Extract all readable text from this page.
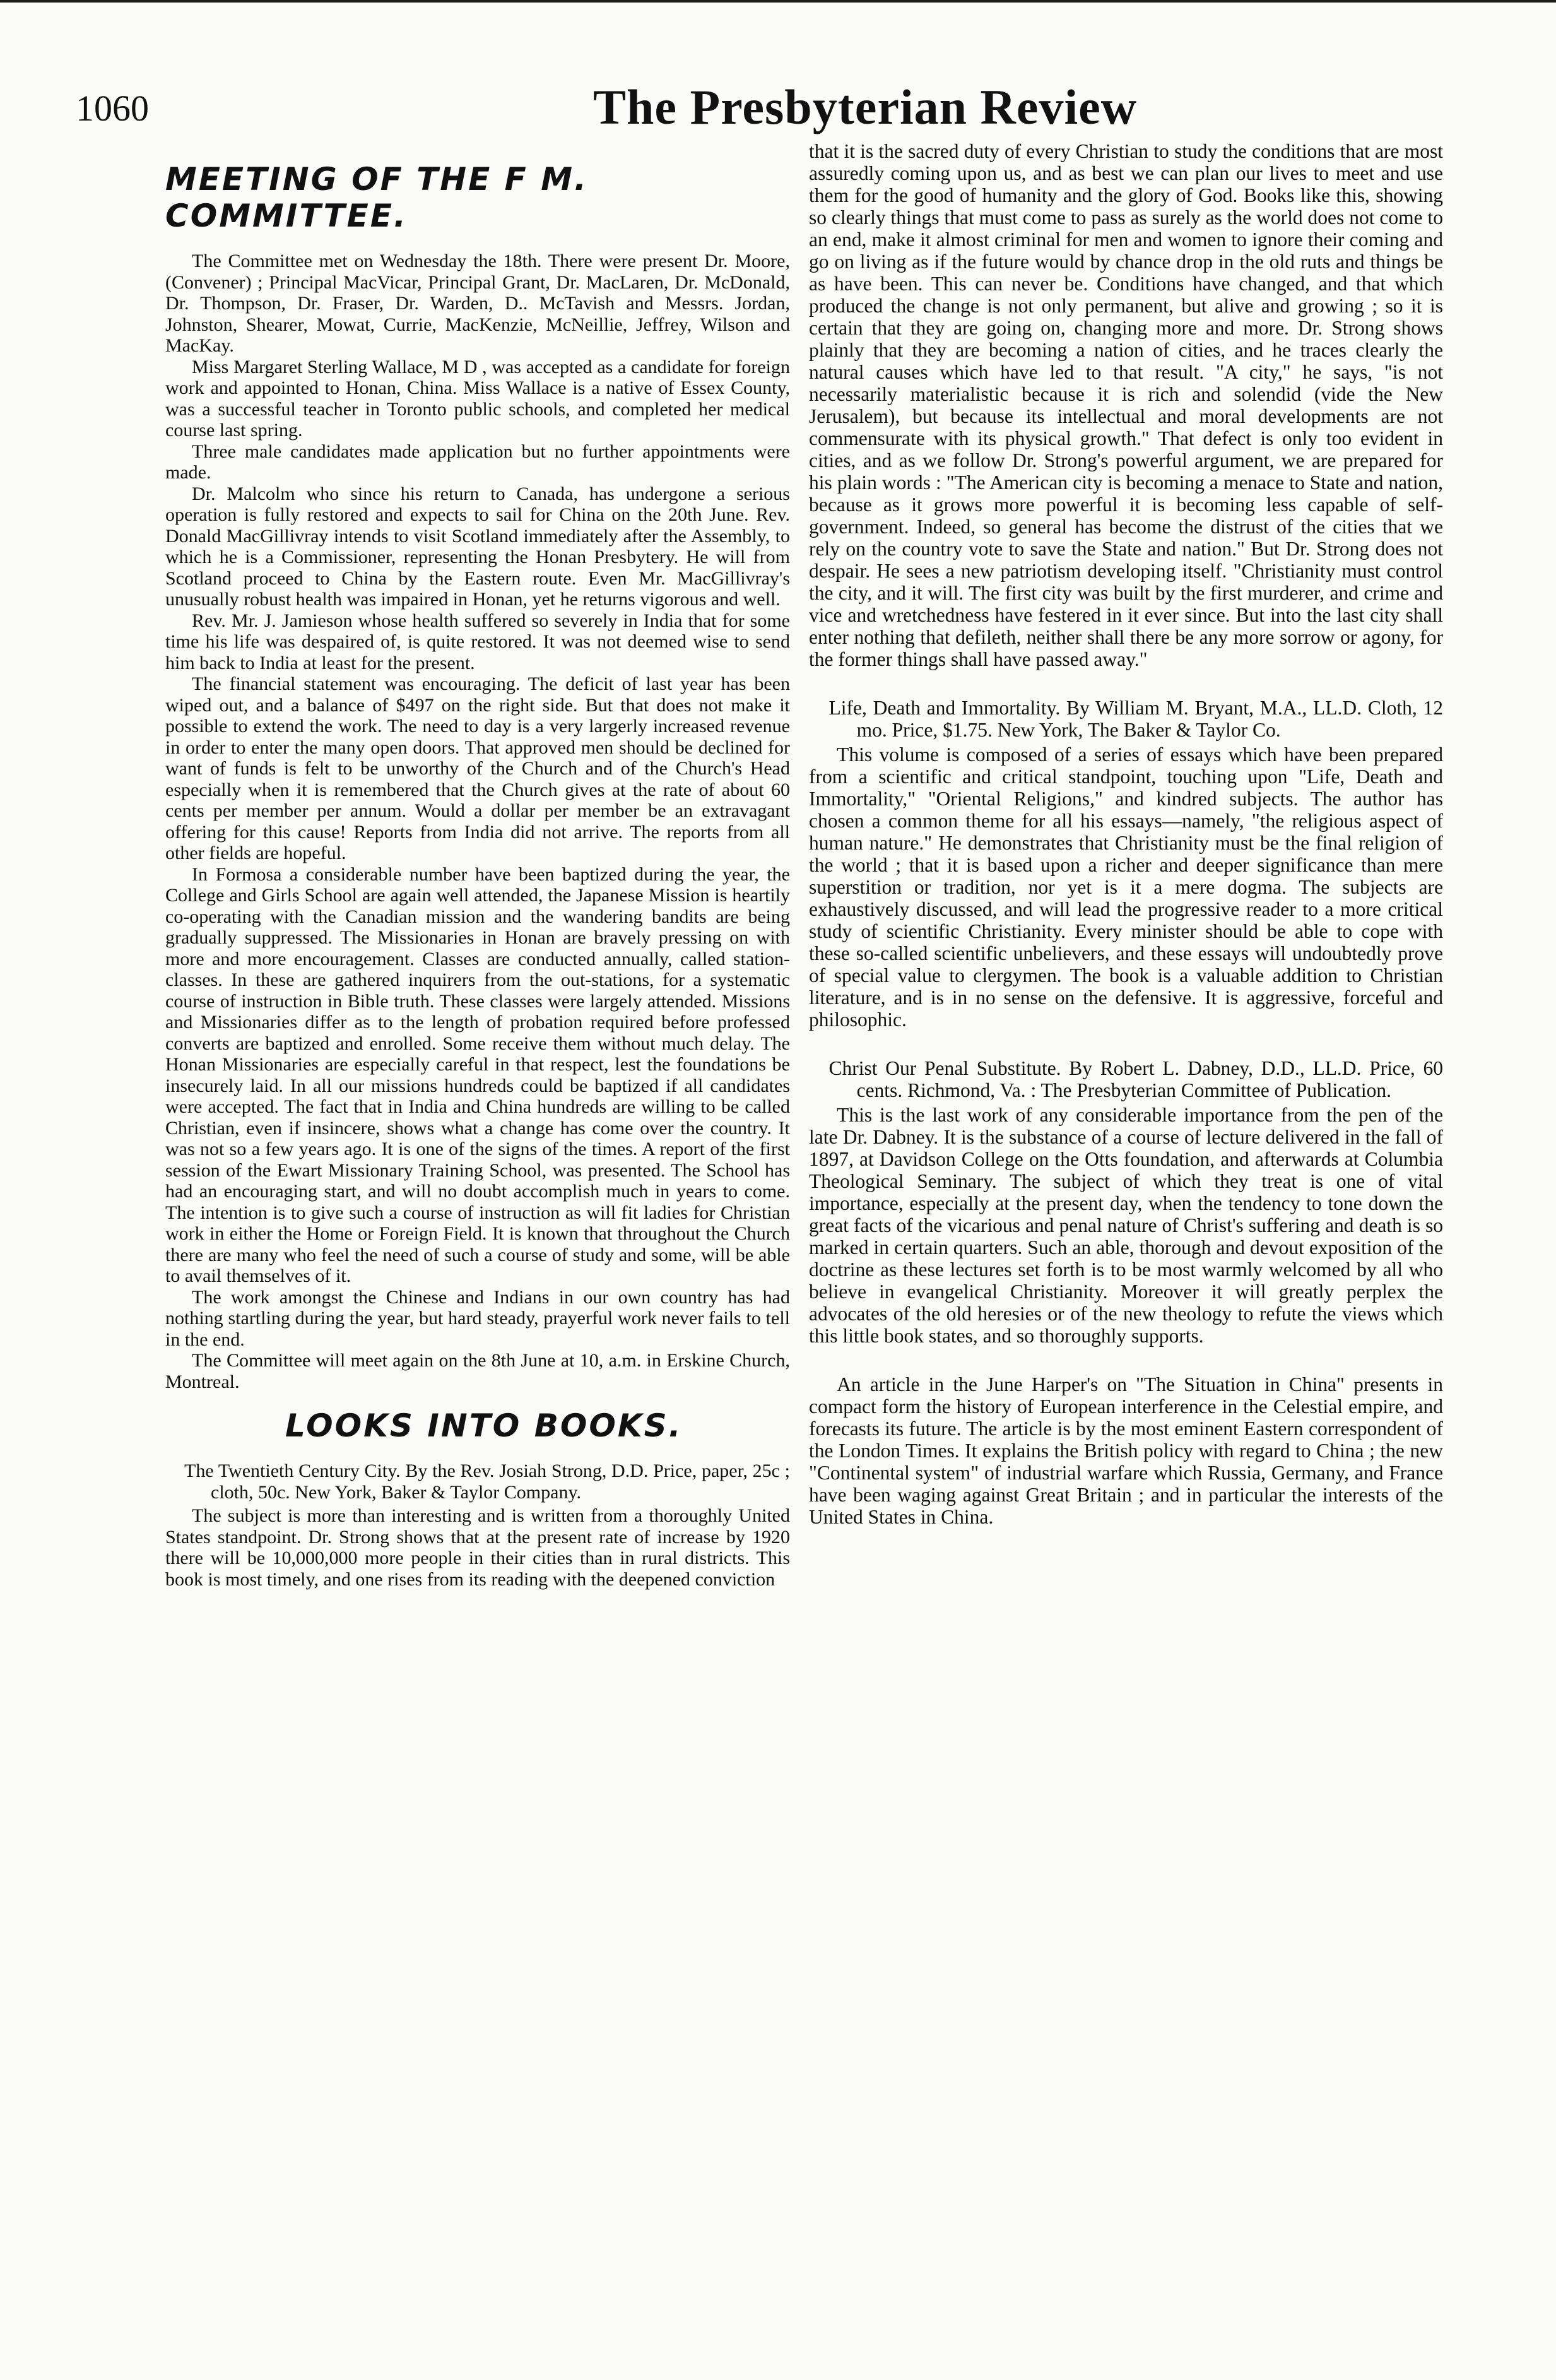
1060	The Presbyterian Review
MEETING OF THE F M. COMMITTEE.

The Committee met on Wednesday the 18th. There were present Dr. Moore, (Convener) ; Principal MacVicar, Principal Grant, Dr. MacLaren, Dr. McDonald, Dr. Thompson, Dr. Fraser, Dr. Warden, D.. McTavish and Messrs. Jordan, Johnston, Shearer, Mowat, Currie, MacKenzie, McNeillie, Jeffrey, Wilson and MacKay.

Miss Margaret Sterling Wallace, M D , was accepted as a candidate for foreign work and appointed to Honan, China. Miss Wallace is a native of Essex County, was a successful teacher in Toronto public schools, and completed her medical course last spring.

Three male candidates made application but no further appointments were made.

Dr. Malcolm who since his return to Canada, has undergone a serious operation is fully restored and expects to sail for China on the 20th June. Rev. Donald MacGillivray intends to visit Scotland immediately after the Assembly, to which he is a Commissioner, representing the Honan Presbytery. He will from Scotland proceed to China by the Eastern route. Even Mr. MacGillivray's unusually robust health was impaired in Honan, yet he returns vigorous and well.

Rev. Mr. J. Jamieson whose health suffered so severely in India that for some time his life was despaired of, is quite restored. It was not deemed wise to send him back to India at least for the present.

The financial statement was encouraging. The deficit of last year has been wiped out, and a balance of $497 on the right side. But that does not make it possible to extend the work. The need to day is a very largerly increased revenue in order to enter the many open doors. That approved men should be declined for want of funds is felt to be unworthy of the Church and of the Church's Head especially when it is remembered that the Church gives at the rate of about 60 cents per member per annum. Would a dollar per member be an extravagant offering for this cause! Reports from India did not arrive. The reports from all other fields are hopeful.

In Formosa a considerable number have been baptized during the year, the College and Girls School are again well attended, the Japanese Mission is heartily co-operating with the Canadian mission and the wandering bandits are being gradually suppressed. The Missionaries in Honan are bravely pressing on with more and more encouragement. Classes are conducted annually, called station-classes. In these are gathered inquirers from the out-stations, for a systematic course of instruction in Bible truth. These classes were largely attended. Missions and Missionaries differ as to the length of probation required before professed converts are baptized and enrolled. Some receive them without much delay. The Honan Missionaries are especially careful in that respect, lest the foundations be insecurely laid. In all our missions hundreds could be baptized if all candidates were accepted. The fact that in India and China hundreds are willing to be called Christian, even if insincere, shows what a change has come over the country. It was not so a few years ago. It is one of the signs of the times. A report of the first session of the Ewart Missionary Training School, was presented. The School has had an encouraging start, and will no doubt accomplish much in years to come. The intention is to give such a course of instruction as will fit ladies for Christian work in either the Home or Foreign Field. It is known that throughout the Church there are many who feel the need of such a course of study and some, will be able to avail themselves of it.

The work amongst the Chinese and Indians in our own country has had nothing startling during the year, but hard steady, prayerful work never fails to tell in the end.

The Committee will meet again on the 8th June at 10, a.m. in Erskine Church, Montreal.

LOOKS INTO BOOKS.

The Twentieth Century City. By the Rev. Josiah Strong, D.D. Price, paper, 25c ; cloth, 50c. New York, Baker & Taylor Company.

The subject is more than interesting and is written from a thoroughly United States standpoint. Dr. Strong shows that at the present rate of increase by 1920 there will be 10,000,000 more people in their cities than in rural districts. This book is most timely, and one rises from its reading with the deepened conviction

that it is the sacred duty of every Christian to study the conditions that are most assuredly coming upon us, and as best we can plan our lives to meet and use them for the good of humanity and the glory of God. Books like this, showing so clearly things that must come to pass as surely as the world does not come to an end, make it almost criminal for men and women to ignore their coming and go on living as if the future would by chance drop in the old ruts and things be as have been. This can never be. Conditions have changed, and that which produced the change is not only permanent, but alive and growing ; so it is certain that they are going on, changing more and more. Dr. Strong shows plainly that they are becoming a nation of cities, and he traces clearly the natural causes which have led to that result. "A city," he says, "is not necessarily materialistic because it is rich and solendid (vide the New Jerusalem), but because its intellectual and moral developments are not commensurate with its physical growth." That defect is only too evident in cities, and as we follow Dr. Strong's powerful argument, we are prepared for his plain words : "The American city is becoming a menace to State and nation, because as it grows more powerful it is becoming less capable of self-government. Indeed, so general has become the distrust of the cities that we rely on the country vote to save the State and nation." But Dr. Strong does not despair. He sees a new patriotism developing itself. "Christianity must control the city, and it will. The first city was built by the first murderer, and crime and vice and wretchedness have festered in it ever since. But into the last city shall enter nothing that defileth, neither shall there be any more sorrow or agony, for the former things shall have passed away."

Life, Death and Immortality. By William M. Bryant, M.A., LL.D. Cloth, 12 mo. Price, $1.75. New York, The Baker & Taylor Co.

This volume is composed of a series of essays which have been prepared from a scientific and critical standpoint, touching upon "Life, Death and Immortality," "Oriental Religions," and kindred subjects. The author has chosen a common theme for all his essays—namely, "the religious aspect of human nature." He demonstrates that Christianity must be the final religion of the world ; that it is based upon a richer and deeper significance than mere superstition or tradition, nor yet is it a mere dogma. The subjects are exhaustively discussed, and will lead the progressive reader to a more critical study of scientific Christianity. Every minister should be able to cope with these so-called scientific unbelievers, and these essays will undoubtedly prove of special value to clergymen. The book is a valuable addition to Christian literature, and is in no sense on the defensive. It is aggressive, forceful and philosophic.

Christ Our Penal Substitute. By Robert L. Dabney, D.D., LL.D. Price, 60 cents. Richmond, Va. : The Presbyterian Committee of Publication.

This is the last work of any considerable importance from the pen of the late Dr. Dabney. It is the substance of a course of lecture delivered in the fall of 1897, at Davidson College on the Otts foundation, and afterwards at Columbia Theological Seminary. The subject of which they treat is one of vital importance, especially at the present day, when the tendency to tone down the great facts of the vicarious and penal nature of Christ's suffering and death is so marked in certain quarters. Such an able, thorough and devout exposition of the doctrine as these lectures set forth is to be most warmly welcomed by all who believe in evangelical Christianity. Moreover it will greatly perplex the advocates of the old heresies or of the new theology to refute the views which this little book states, and so thoroughly supports.

An article in the June Harper's on "The Situation in China" presents in compact form the history of European interference in the Celestial empire, and forecasts its future. The article is by the most eminent Eastern correspondent of the London Times. It explains the British policy with regard to China ; the new "Continental system" of industrial warfare which Russia, Germany, and France have been waging against Great Britain ; and in particular the interests of the United States in China.
